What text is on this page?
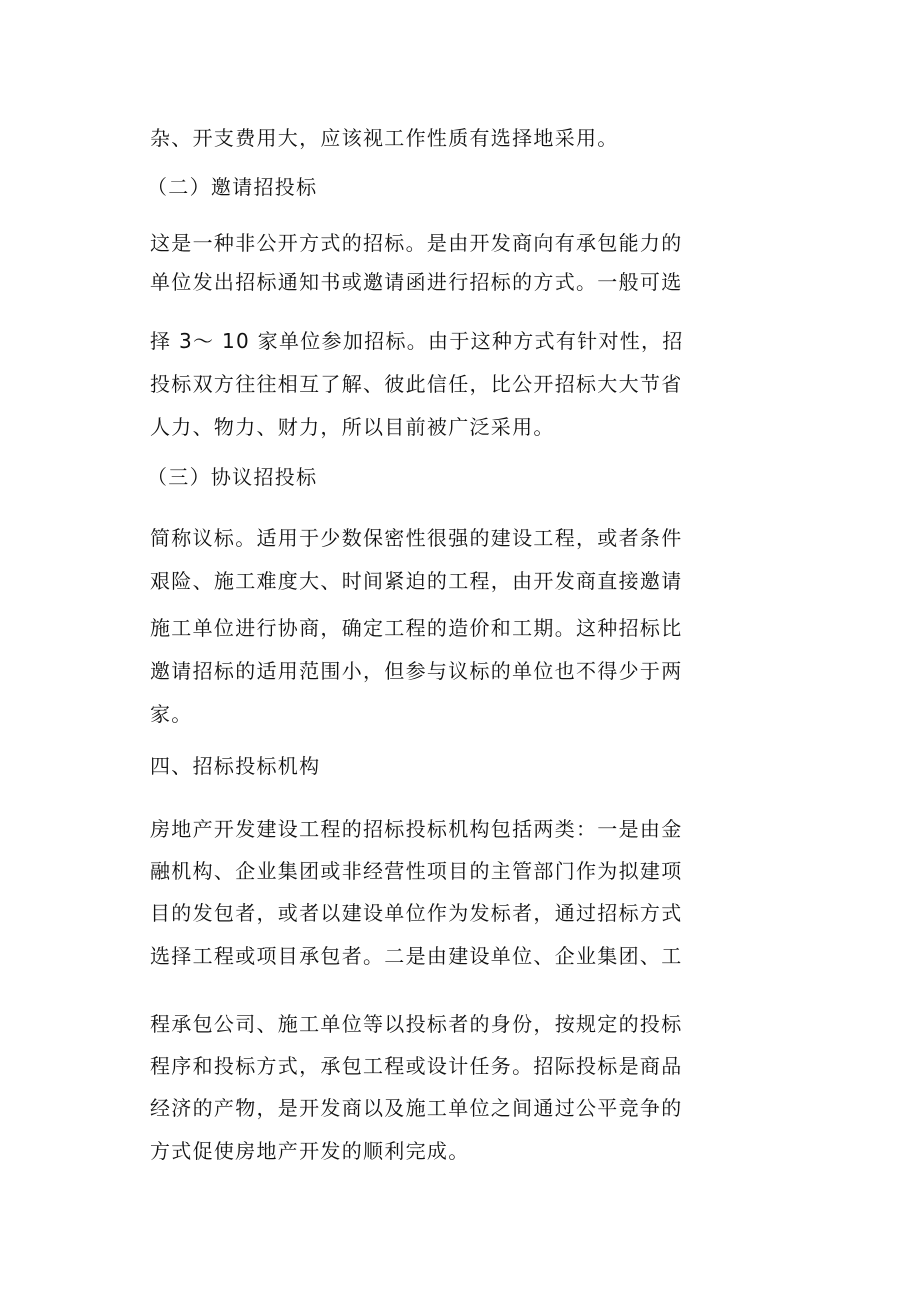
杂、开支费用大，应该视工作性质有选择地采用。
（二）邀请招投标
这是一种非公开方式的招标。是由开发商向有承包能力的
单位发出招标通知书或邀请函进行招标的方式。一般可选
择 3～ 10 家单位参加招标。由于这种方式有针对性，招
投标双方往往相互了解、彼此信任，比公开招标大大节省
人力、物力、财力，所以目前被广泛采用。
（三）协议招投标
简称议标。适用于少数保密性很强的建设工程，或者条件
艰险、施工难度大、时间紧迫的工程，由开发商直接邀请
施工单位进行协商，确定工程的造价和工期。这种招标比
邀请招标的适用范围小，但参与议标的单位也不得少于两
家。
四、招标投标机构
房地产开发建设工程的招标投标机构包括两类：一是由金
融机构、企业集团或非经营性项目的主管部门作为拟建项
目的发包者，或者以建设单位作为发标者，通过招标方式
选择工程或项目承包者。二是由建设单位、企业集团、工
程承包公司、施工单位等以投标者的身份，按规定的投标
程序和投标方式，承包工程或设计任务。招际投标是商品
经济的产物，是开发商以及施工单位之间通过公平竞争的
方式促使房地产开发的顺利完成。
